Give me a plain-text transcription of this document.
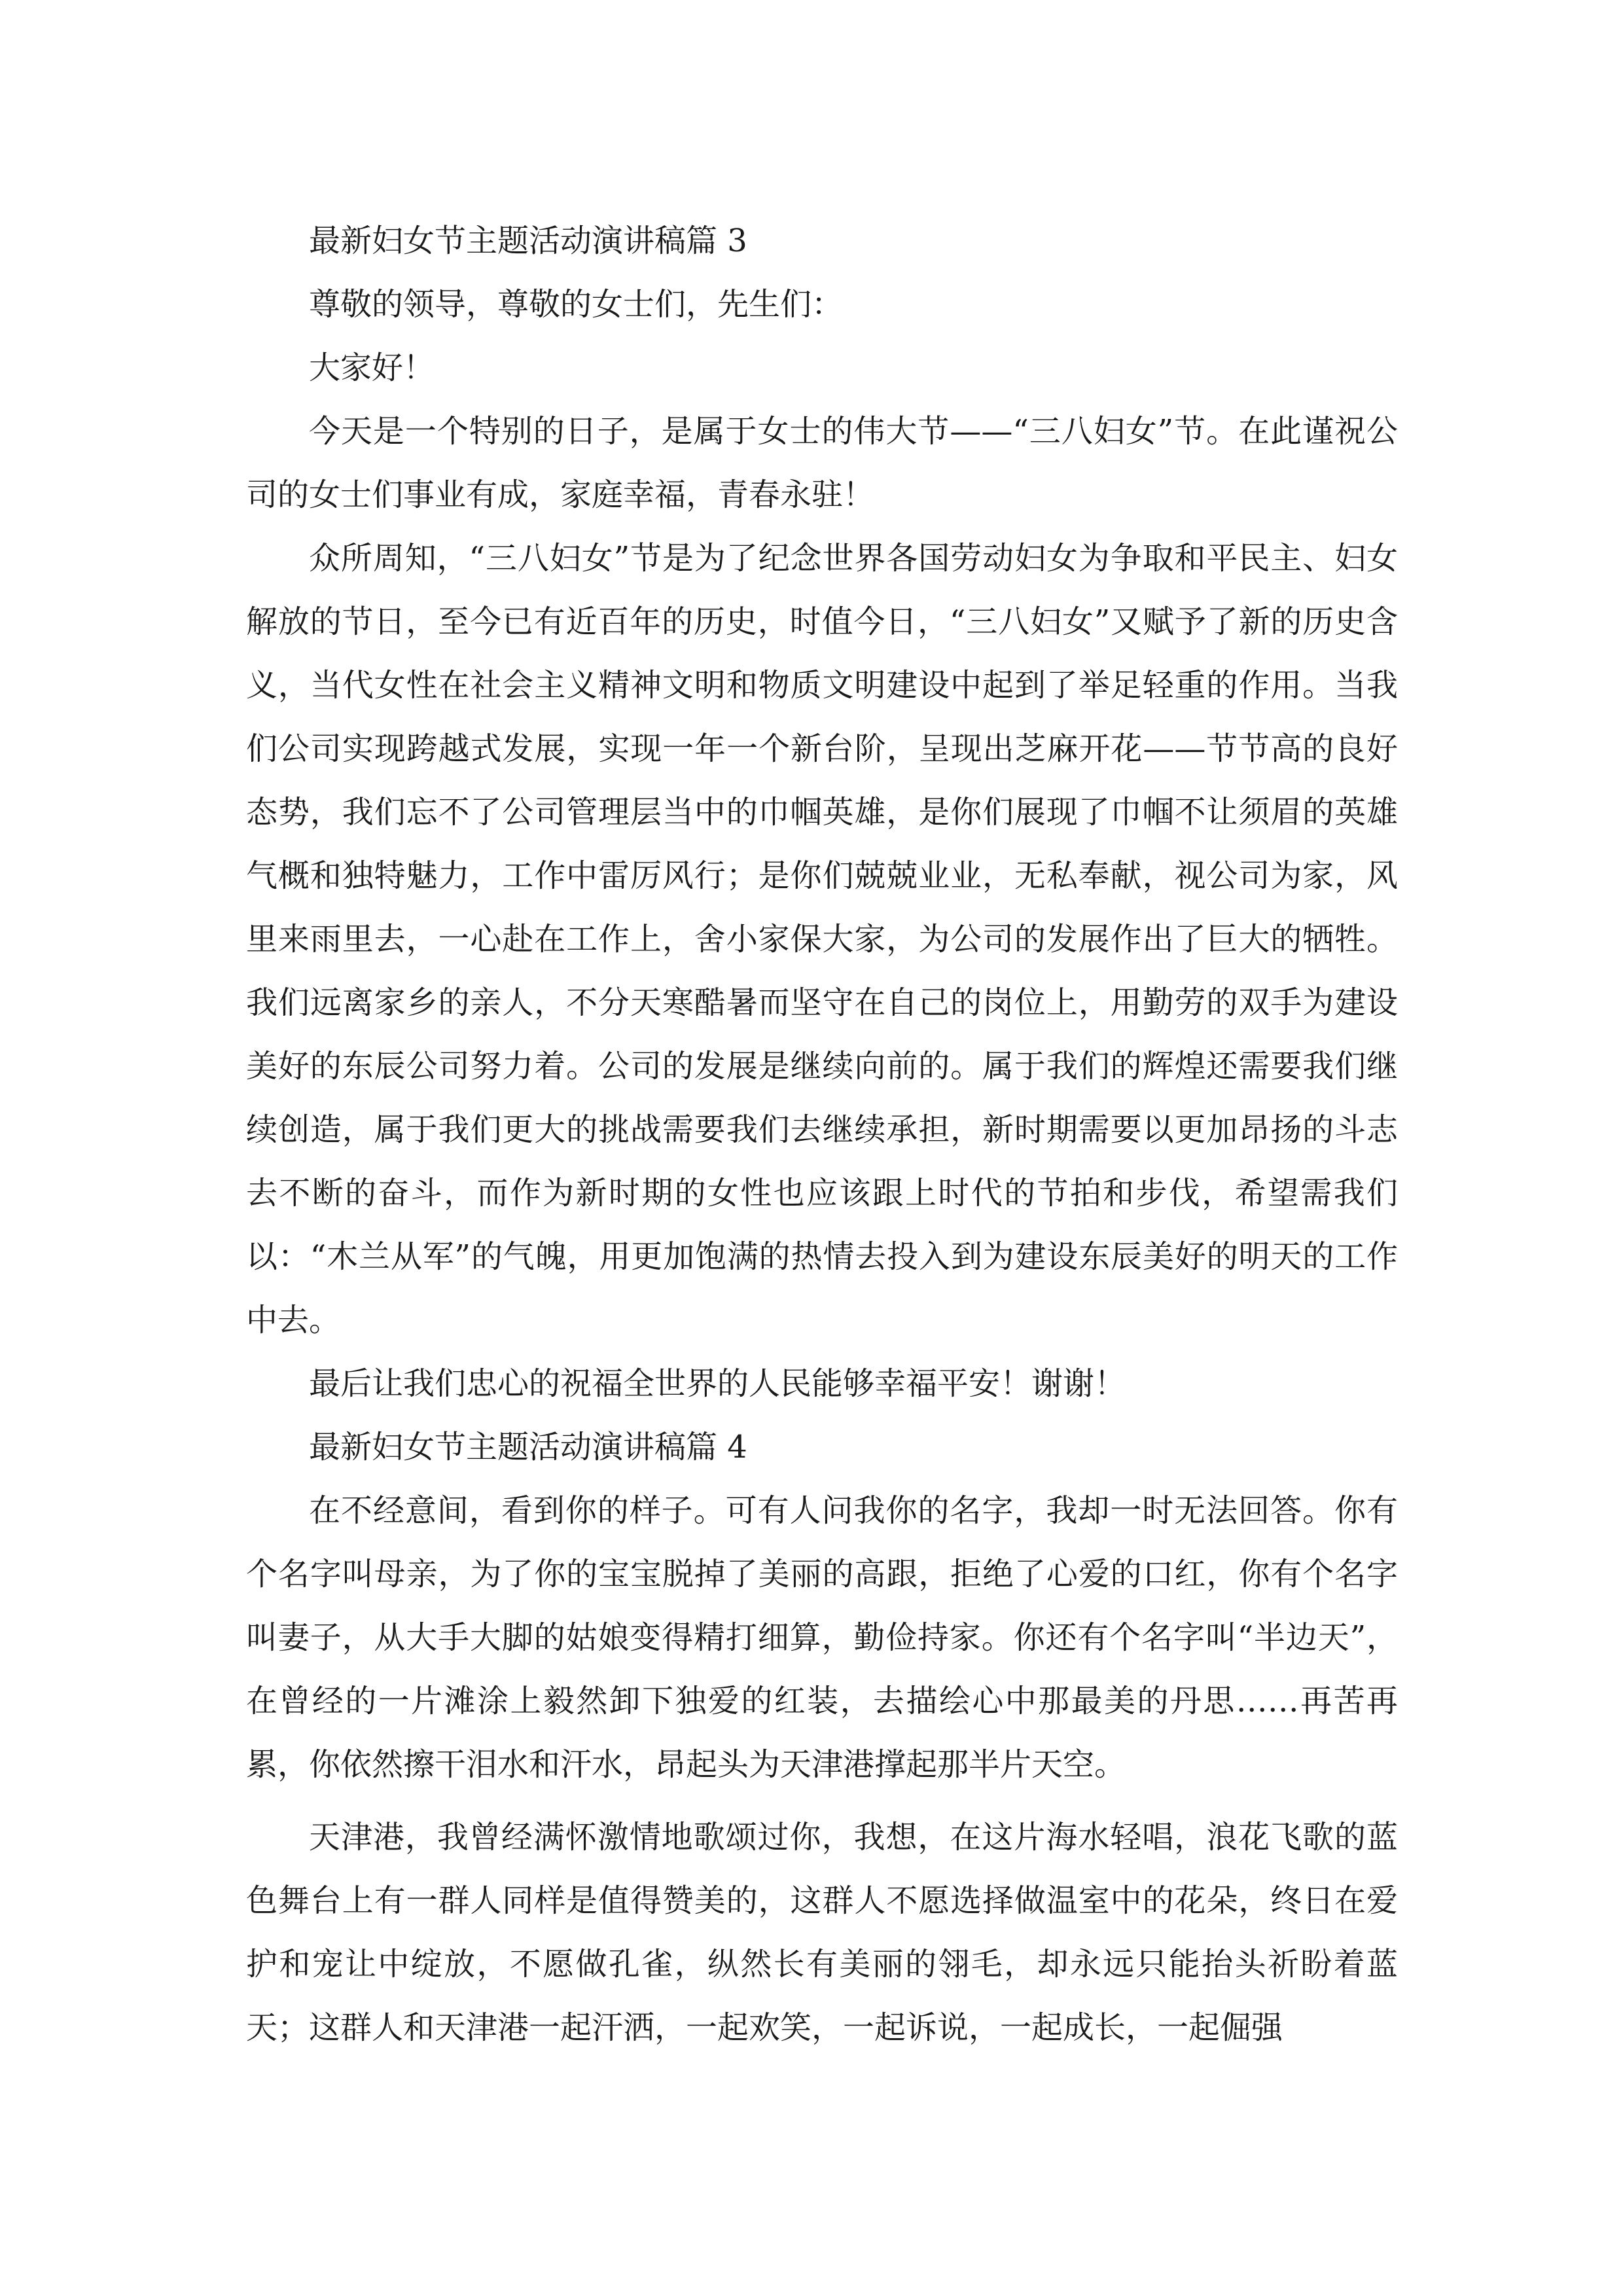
最新妇女节主题活动演讲稿篇 3

尊敬的领导，尊敬的女士们，先生们：

大家好！

今天是一个特别的日子，是属于女士的伟大节——“三八妇女”节。在此谨祝公司的女士们事业有成，家庭幸福，青春永驻！

众所周知，“三八妇女”节是为了纪念世界各国劳动妇女为争取和平民主、妇女解放的节日，至今已有近百年的历史，时值今日，“三八妇女”又赋予了新的历史含义，当代女性在社会主义精神文明和物质文明建设中起到了举足轻重的作用。当我们公司实现跨越式发展，实现一年一个新台阶，呈现出芝麻开花——节节高的良好态势，我们忘不了公司管理层当中的巾帼英雄，是你们展现了巾帼不让须眉的英雄气概和独特魅力，工作中雷厉风行；是你们兢兢业业，无私奉献，视公司为家，风里来雨里去，一心赴在工作上，舍小家保大家，为公司的发展作出了巨大的牺牲。我们远离家乡的亲人，不分天寒酷暑而坚守在自己的岗位上，用勤劳的双手为建设美好的东辰公司努力着。公司的发展是继续向前的。属于我们的辉煌还需要我们继续创造，属于我们更大的挑战需要我们去继续承担，新时期需要以更加昂扬的斗志去不断的奋斗，而作为新时期的女性也应该跟上时代的节拍和步伐，希望需我们以：“木兰从军”的气魄，用更加饱满的热情去投入到为建设东辰美好的明天的工作中去。

最后让我们忠心的祝福全世界的人民能够幸福平安！谢谢！

最新妇女节主题活动演讲稿篇 4

在不经意间，看到你的样子。可有人问我你的名字，我却一时无法回答。你有个名字叫母亲，为了你的宝宝脱掉了美丽的高跟，拒绝了心爱的口红，你有个名字叫妻子，从大手大脚的姑娘变得精打细算，勤俭持家。你还有个名字叫“半边天”，在曾经的一片滩涂上毅然卸下独爱的红装，去描绘心中那最美的丹思……再苦再累，你依然擦干泪水和汗水，昂起头为天津港撑起那半片天空。

天津港，我曾经满怀激情地歌颂过你，我想，在这片海水轻唱，浪花飞歌的蓝色舞台上有一群人同样是值得赞美的，这群人不愿选择做温室中的花朵，终日在爱护和宠让中绽放，不愿做孔雀，纵然长有美丽的翎毛，却永远只能抬头祈盼着蓝天；这群人和天津港一起汗洒，一起欢笑，一起诉说，一起成长，一起倔强
